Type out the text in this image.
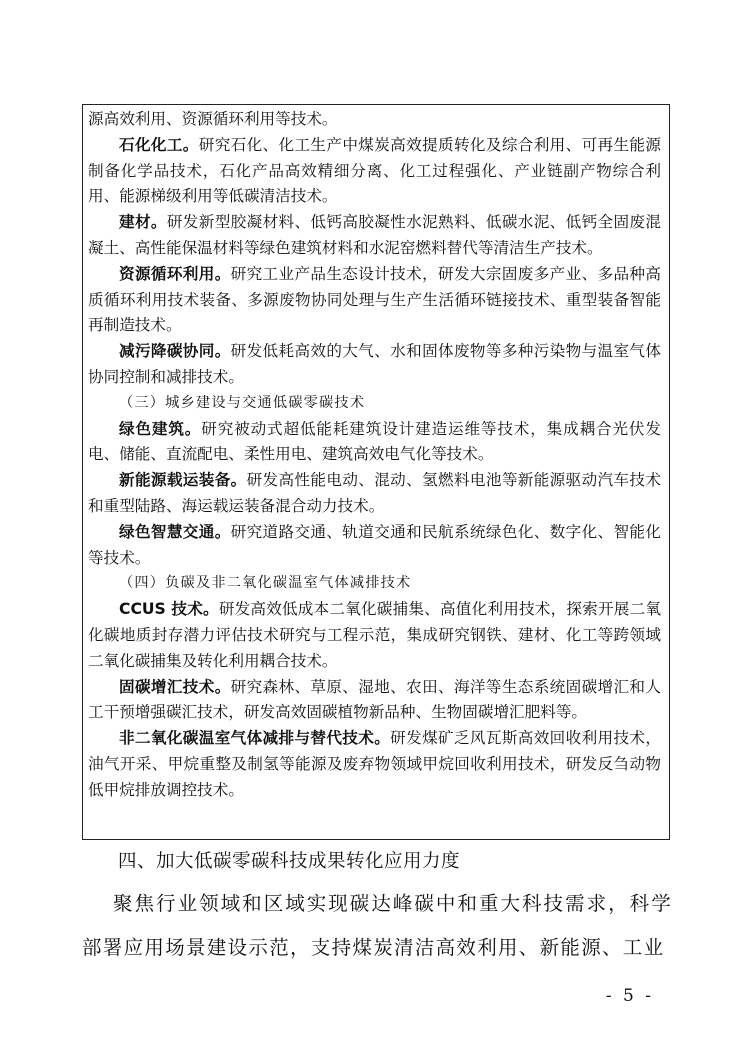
源高效利用、资源循环利用等技术。

石化化工。研究石化、化工生产中煤炭高效提质转化及综合利用、可再生能源制备化学品技术，石化产品高效精细分离、化工过程强化、产业链副产物综合利用、能源梯级利用等低碳清洁技术。

建材。研发新型胶凝材料、低钙高胶凝性水泥熟料、低碳水泥、低钙全固废混凝土、高性能保温材料等绿色建筑材料和水泥窑燃料替代等清洁生产技术。

资源循环利用。研究工业产品生态设计技术，研发大宗固废多产业、多品种高质循环利用技术装备、多源废物协同处理与生产生活循环链接技术、重型装备智能再制造技术。

减污降碳协同。研发低耗高效的大气、水和固体废物等多种污染物与温室气体协同控制和减排技术。

（三）城乡建设与交通低碳零碳技术

绿色建筑。研究被动式超低能耗建筑设计建造运维等技术，集成耦合光伏发电、储能、直流配电、柔性用电、建筑高效电气化等技术。

新能源载运装备。研发高性能电动、混动、氢燃料电池等新能源驱动汽车技术和重型陆路、海运载运装备混合动力技术。

绿色智慧交通。研究道路交通、轨道交通和民航系统绿色化、数字化、智能化等技术。

（四）负碳及非二氧化碳温室气体减排技术

CCUS 技术。研发高效低成本二氧化碳捕集、高值化利用技术，探索开展二氧化碳地质封存潜力评估技术研究与工程示范，集成研究钢铁、建材、化工等跨领域二氧化碳捕集及转化利用耦合技术。

固碳增汇技术。研究森林、草原、湿地、农田、海洋等生态系统固碳增汇和人工干预增强碳汇技术，研发高效固碳植物新品种、生物固碳增汇肥料等。

非二氧化碳温室气体减排与替代技术。研发煤矿乏风瓦斯高效回收利用技术，油气开采、甲烷重整及制氢等能源及废弃物领域甲烷回收利用技术，研发反刍动物低甲烷排放调控技术。

四、加大低碳零碳科技成果转化应用力度

聚焦行业领域和区域实现碳达峰碳中和重大科技需求，科学部署应用场景建设示范，支持煤炭清洁高效利用、新能源、工业

- 5 -
